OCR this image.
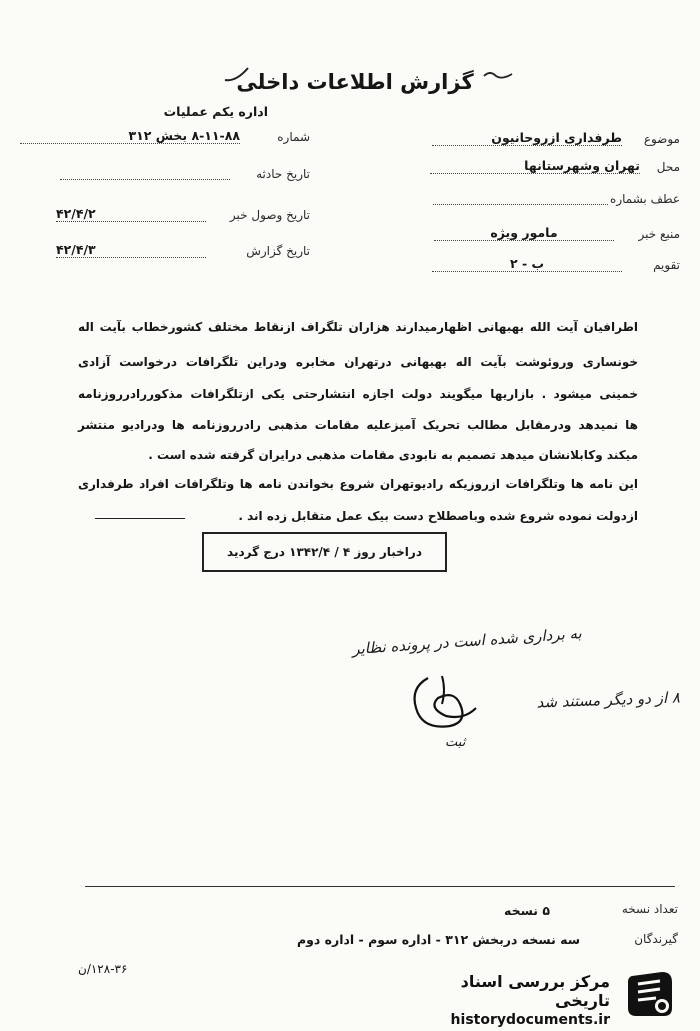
گزارش اطلاعات داخلی
اداره یکم عملیات
شماره
۸-۱۱-۸۸ بخش ۳۱۲
تاریخ حادثه
تاریخ وصول خبر
۴۲/۴/۲
تاریخ گزارش
۴۲/۴/۳
موضوع
طرفداری ازروحانیون
محل
تهران وشهرستانها
عطف بشماره
منبع خبر
مامور ویژه
تقویم
ب - ۲
اطرافیان آیت الله بهبهانی اظهارمیدارند هزاران تلگراف ازنقاط مختلف کشورخطاب بآیت اله
خونساری وروئوشت بآیت اله بهبهانی درتهران مخابره ودراین تلگرافات درخواست آزادی
خمینی میشود . بازاریها میگویند دولت اجازه انتشارحتی یکی ازتلگرافات مذکوررادرروزنامه
ها نمیدهد ودرمقابل مطالب تحریک آمیزعلیه مقامات مذهبی رادرروزنامه ها ودرادیو منتشر
میکند وکابلانشان میدهد تصمیم به نابودی مقامات مذهبی درایران گرفته شده است .
این نامه ها وتلگرافات ازروزیکه رادیوتهران شروع بخواندن نامه ها وتلگرافات افراد طرفداری
ازدولت نموده شروع شده وباصطلاح دست بیک عمل متقابل زده اند .
دراخبار روز ۴ / ۱۳۴۲/۴ درج گردید
به برداری شده است در پرونده نظایر
۸ از دو دیگر مستند شد
ثبت
تعداد نسخه
۵ نسخه
گیرندگان
سه نسخه دربخش ۳۱۲ - اداره سوم - اداره دوم
۱۲۸-۳۶/ن
مرکز بررسی اسناد تاریخی
historydocuments.ir
